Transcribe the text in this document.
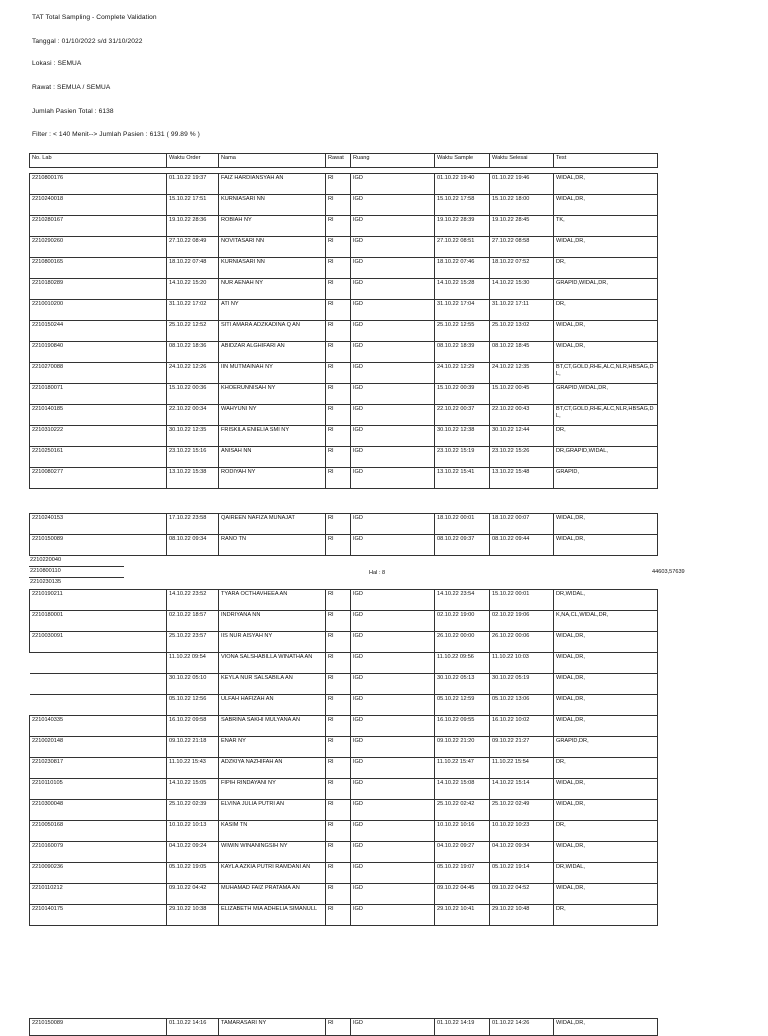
TAT Total Sampling - Complete Validation
Tanggal : 01/10/2022 s/d 31/10/2022
Lokasi : SEMUA
Rawat : SEMUA / SEMUA
Jumlah Pasien Total : 6138
Filter : < 140 Menit--> Jumlah Pasien : 6131 ( 99.89 % )
No. Lab	Waktu Order	Nama	Rawat	Ruang	Waktu Sample	Waktu Selesai	Test

2210800176	01.10.22 19:37	FAIZ HARDIANSYAH AN	RI	IGD	01.10.22 19:40	01.10.22 19:46	WIDAL,DR,
2210240018	15.10.22 17:51	KURNIASARI NN	RI	IGD	15.10.22 17:58	15.10.22 18:00	WIDAL,DR,
2210280167	19.10.22 28:36	ROBIAH NY	RI	IGD	19.10.22 28:39	19.10.22 28:45	TK,
2210290260	27.10.22 08:49	NOVITASARI NN	RI	IGD	27.10.22 08:51	27.10.22 08:58	WIDAL,DR,
2210800165	18.10.22 07:48	KURNIASARI NN	RI	IGD	18.10.22 07:46	18.10.22 07:52	DR,
2210180289	14.10.22 15:20	NUR AENAH NY	RI	IGD	14.10.22 15:28	14.10.22 15:30	GRAPID,WIDAL,DR,
2210010200	31.10.22 17:02	ATI NY	RI	IGD	31.10.22 17:04	31.10.22 17:11	DR,
2210150244	25.10.22 12:52	SITI AMARA ADZKADINA Q AN	RI	IGD	25.10.22 12:55	25.10.22 13:02	WIDAL,DR,
2210190840	08.10.22 18:36	ABIDZAR ALGHIFARI AN	RI	IGD	08.10.22 18:39	08.10.22 18:45	WIDAL,DR,
2210270088	24.10.22 12:26	IIN MUTMAINAH NY	RI	IGD	24.10.22 12:29	24.10.22 12:35	BT,CT,GOLD,RHE,ALC,NLR,HBSAG,DL,
2210180071	15.10.22 00:36	KHOERUNNISAH NY	RI	IGD	15.10.22 00:39	15.10.22 00:45	GRAPID,WIDAL,DR,
2210140185	22.10.22 00:34	WAHYUNI NY	RI	IGD	22.10.22 00:37	22.10.22 00:43	BT,CT,GOLD,RHE,ALC,NLR,HBSAG,DL,
2210310222	30.10.22 12:35	FRISKILA ENIELIA SMI NY	RI	IGD	30.10.22 12:38	30.10.22 12:44	DR,
2210250161	23.10.22 15:16	ANISAH NN	RI	IGD	23.10.22 15:19	23.10.22 15:26	DR,GRAPID,WIDAL,
2210080277	13.10.22 15:38	RODIYAH NY	RI	IGD	13.10.22 15:41	13.10.22 15:48	GRAPID,
2210240153	17.10.22 23:58	QAIREEN NAFIZA MUNAJAT	RI	IGD	18.10.22 00:01	18.10.22 00:07	WIDAL,DR,
2210150089	08.10.22 09:34	RANO TN	RI	IGD	08.10.22 09:37	08.10.22 09:44	WIDAL,DR,
2210220040
2210800110
2210230135
Hal : 8	44603,57639
2210190211	14.10.22 23:52	TYARA OCTHAVHEEA AN	RI	IGD	14.10.22 23:54	15.10.22 00:01	DR,WIDAL,
2210180001	02.10.22 18:57	INDRIYANA NN	RI	IGD	02.10.22 19:00	02.10.22 19:06	K,NA,CL,WIDAL,DR,
2210030091	25.10.22 23:57	IIS NUR AISYAH NY	RI	IGD	26.10.22 00:00	26.10.22 00:06	WIDAL,DR,
	11.10.22 09:54	VIONA SALSHABILLA WINATHA AN	RI	IGD	11.10.22 09:56	11.10.22 10:03	WIDAL,DR,
	30.10.22 05:10	KEYLA NUR SALSABILA AN	RI	IGD	30.10.22 05:13	30.10.22 05:19	WIDAL,DR,
	05.10.22 12:56	ULFAH HAFIZAH AN	RI	IGD	05.10.22 12:59	05.10.22 13:06	WIDAL,DR,
2210140335	16.10.22 09:58	SABRINA SAKHI MULYANA AN	RI	IGD	16.10.22 09:55	16.10.22 10:02	WIDAL,DR,
2210020148	09.10.22 21:18	ENAR NY	RI	IGD	09.10.22 21:20	09.10.22 21:27	GRAPID,DR,
2210230817	11.10.22 15:43	ADZKIYA NAZHIFAH AN	RI	IGD	11.10.22 15:47	11.10.22 15:54	DR,
2210110105	14.10.22 15:05	FIPIH RINDAYANI NY	RI	IGD	14.10.22 15:08	14.10.22 15:14	WIDAL,DR,
2210300048	25.10.22 02:39	ELVINA JULIA PUTRI AN	RI	IGD	25.10.22 02:42	25.10.22 02:49	WIDAL,DR,
2210050168	10.10.22 10:13	KASIM TN	RI	IGD	10.10.22 10:16	10.10.22 10:23	DR,
2210160079	04.10.22 09:24	WIWIN WINANINGSIH NY	RI	IGD	04.10.22 09:27	04.10.22 09:34	WIDAL,DR,
2210090236	05.10.22 19:05	KAYLA AZKIA PUTRI RAMDANI AN	RI	IGD	05.10.22 19:07	05.10.22 19:14	DR,WIDAL,
2210110212	09.10.22 04:42	MUHAMAD FAIZ PRATAMA AN	RI	IGD	09.10.22 04:45	09.10.22 04:52	WIDAL,DR,
2210140175	29.10.22 10:38	ELIZABETH MIA ADHELIA SIMANULL	RI	IGD	29.10.22 10:41	29.10.22 10:48	DR,
2210150089	01.10.22 14:16	TAMARASARI NY	RI	IGD	01.10.22 14:19	01.10.22 14:26	WIDAL,DR,
